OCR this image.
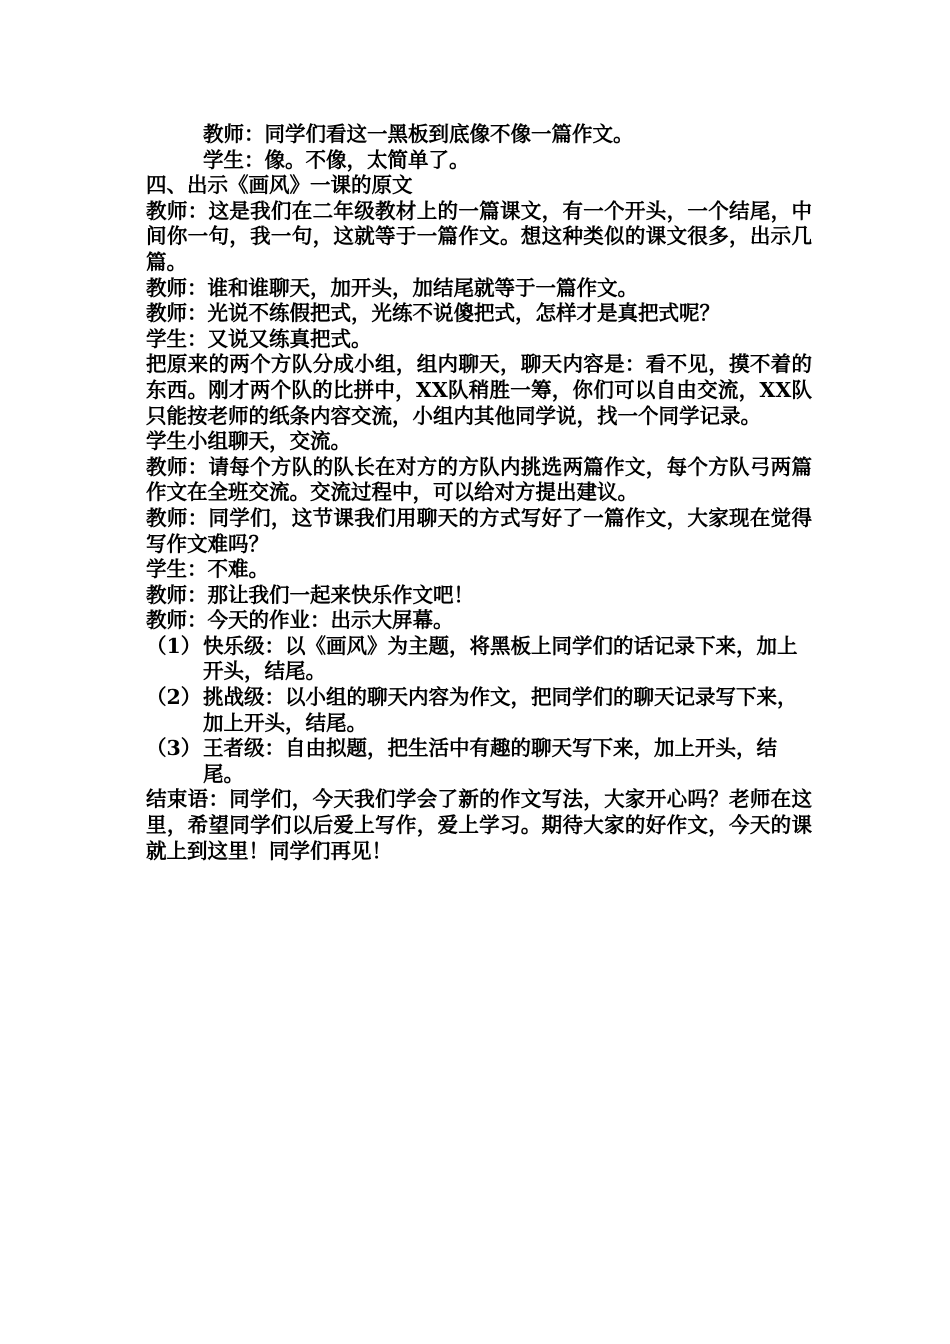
教师：同学们看这一黑板到底像不像一篇作文。

学生：像。不像，太简单了。

四、出示《画风》一课的原文

教师：这是我们在二年级教材上的一篇课文，有一个开头，一个结尾，中间你一句，我一句，这就等于一篇作文。想这种类似的课文很多，出示几篇。

教师：谁和谁聊天，加开头，加结尾就等于一篇作文。

教师：光说不练假把式，光练不说傻把式，怎样才是真把式呢？

学生：又说又练真把式。

把原来的两个方队分成小组，组内聊天，聊天内容是：看不见，摸不着的东西。刚才两个队的比拼中，XX队稍胜一筹，你们可以自由交流，XX队只能按老师的纸条内容交流，小组内其他同学说，找一个同学记录。

学生小组聊天，交流。

教师：请每个方队的队长在对方的方队内挑选两篇作文，每个方队弓两篇作文在全班交流。交流过程中，可以给对方提出建议。

教师：同学们，这节课我们用聊天的方式写好了一篇作文，大家现在觉得写作文难吗？

学生：不难。

教师：那让我们一起来快乐作文吧！

教师：今天的作业：出示大屏幕。

（1） 快乐级：以《画风》为主题，将黑板上同学们的话记录下来，加上开头，结尾。
（2） 挑战级：以小组的聊天内容为作文，把同学们的聊天记录写下来，加上开头，结尾。
（3） 王者级：自由拟题，把生活中有趣的聊天写下来，加上开头，结尾。

结束语：同学们，今天我们学会了新的作文写法，大家开心吗？老师在这里，希望同学们以后爱上写作，爱上学习。期待大家的好作文，今天的课就上到这里！同学们再见！
